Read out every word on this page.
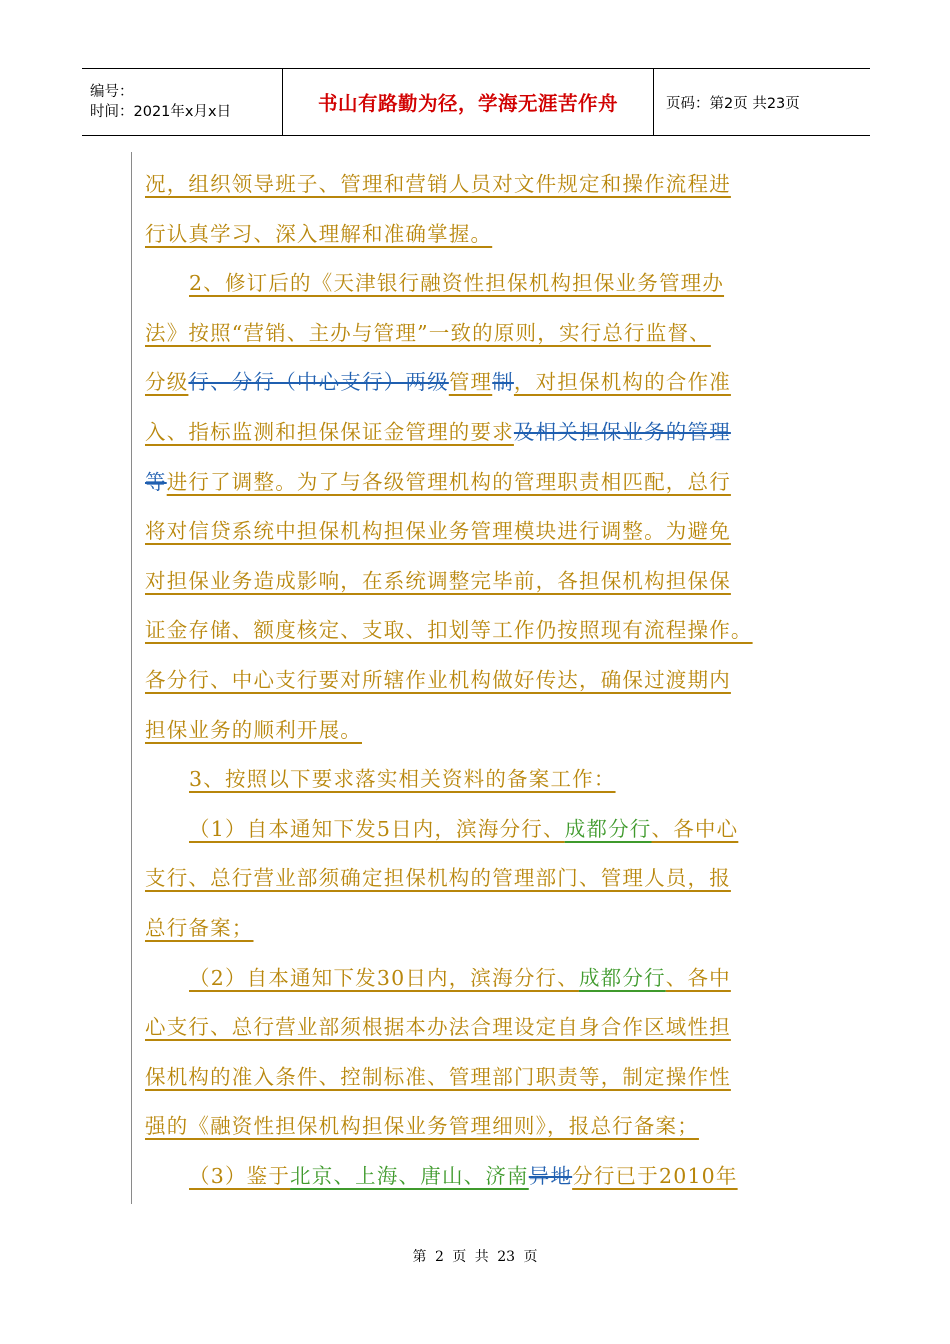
编号：
时间：2021年x月x日	书山有路勤为径，学海无涯苦作舟	页码：第2页 共23页
况，组织领导班子、管理和营销人员对文件规定和操作流程进
行认真学习、深入理解和准确掌握。
2、修订后的《天津银行融资性担保机构担保业务管理办
法》按照“营销、主办与管理”一致的原则，实行总行监督、
分级行、分行（中心支行）两级管理制，对担保机构的合作准
入、指标监测和担保保证金管理的要求及相关担保业务的管理
等进行了调整。为了与各级管理机构的管理职责相匹配，总行
将对信贷系统中担保机构担保业务管理模块进行调整。为避免
对担保业务造成影响，在系统调整完毕前，各担保机构担保保
证金存储、额度核定、支取、扣划等工作仍按照现有流程操作。
各分行、中心支行要对所辖作业机构做好传达，确保过渡期内
担保业务的顺利开展。
3、按照以下要求落实相关资料的备案工作：
（1）自本通知下发5日内，滨海分行、成都分行、各中心
支行、总行营业部须确定担保机构的管理部门、管理人员，报
总行备案；
（2）自本通知下发30日内，滨海分行、成都分行、各中
心支行、总行营业部须根据本办法合理设定自身合作区域性担
保机构的准入条件、控制标准、管理部门职责等，制定操作性
强的《融资性担保机构担保业务管理细则》，报总行备案；
（3）鉴于北京、上海、唐山、济南异地分行已于2010年
第 2 页 共 23 页
